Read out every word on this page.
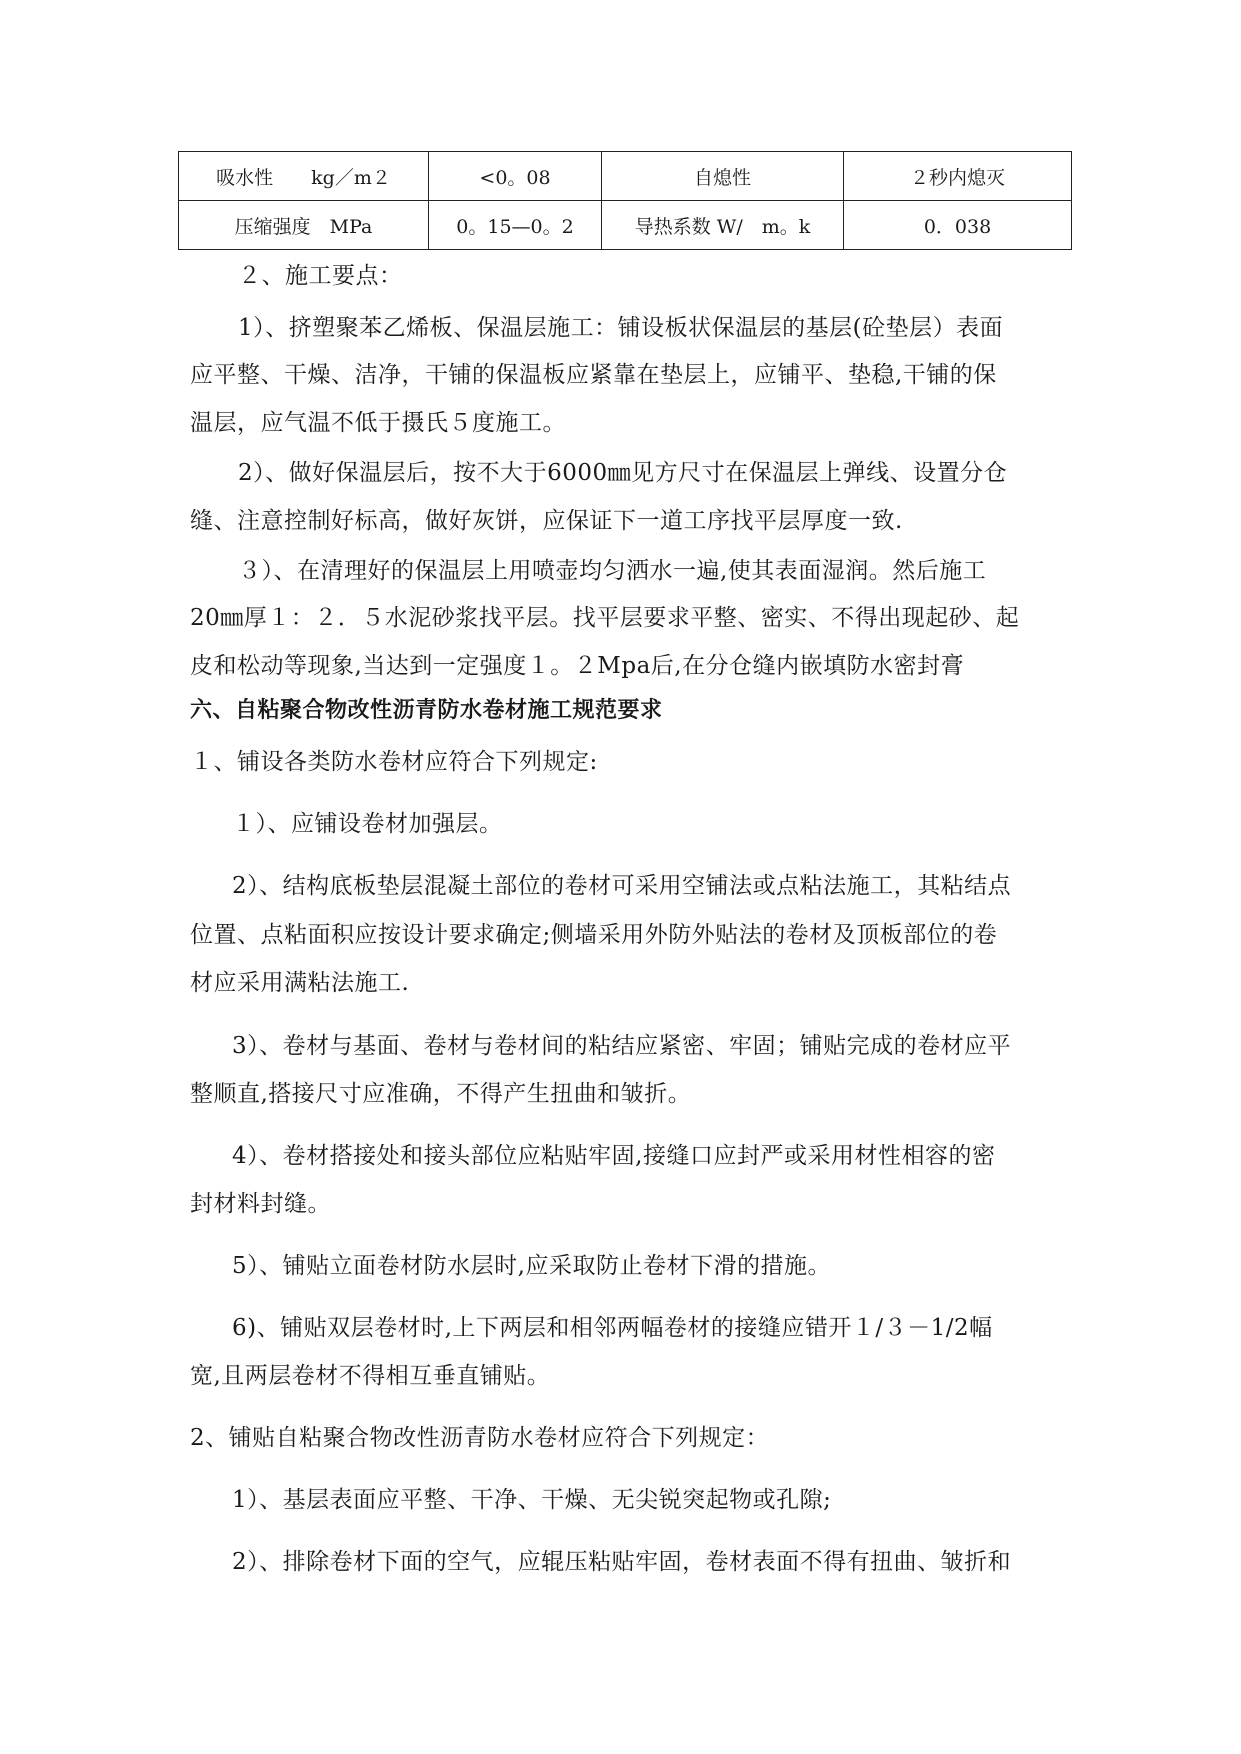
吸水性　　kg／m２	<0。08	自熄性	２秒内熄灭
压缩强度　MPa	0。15—0。2	导热系数 W/　m。k	0．038
２、施工要点：
1）、挤塑聚苯乙烯板、保温层施工：铺设板状保温层的基层(砼垫层）表面
应平整、干燥、洁净，干铺的保温板应紧靠在垫层上，应铺平、垫稳,干铺的保
温层，应气温不低于摄氏５度施工。
2）、做好保温层后，按不大于6000㎜见方尺寸在保温层上弹线、设置分仓
缝、注意控制好标高，做好灰饼，应保证下一道工序找平层厚度一致.
３）、在清理好的保温层上用喷壶均匀洒水一遍,使其表面湿润。然后施工
20㎜厚１：２．５水泥砂浆找平层。找平层要求平整、密实、不得出现起砂、起
皮和松动等现象,当达到一定强度１。２Mpa后,在分仓缝内嵌填防水密封膏
六、自粘聚合物改性沥青防水卷材施工规范要求
１、铺设各类防水卷材应符合下列规定:
１）、应铺设卷材加强层。
2）、结构底板垫层混凝土部位的卷材可采用空铺法或点粘法施工，其粘结点
位置、点粘面积应按设计要求确定;侧墙采用外防外贴法的卷材及顶板部位的卷
材应采用满粘法施工.
3）、卷材与基面、卷材与卷材间的粘结应紧密、牢固；铺贴完成的卷材应平
整顺直,搭接尺寸应准确，不得产生扭曲和皱折。
4）、卷材搭接处和接头部位应粘贴牢固,接缝口应封严或采用材性相容的密
封材料封缝。
5）、铺贴立面卷材防水层时,应采取防止卷材下滑的措施。
6)、铺贴双层卷材时,上下两层和相邻两幅卷材的接缝应错开１/３－1/2幅
宽,且两层卷材不得相互垂直铺贴。
2、铺贴自粘聚合物改性沥青防水卷材应符合下列规定：
1）、基层表面应平整、干净、干燥、无尖锐突起物或孔隙;
2）、排除卷材下面的空气，应辊压粘贴牢固，卷材表面不得有扭曲、皱折和
